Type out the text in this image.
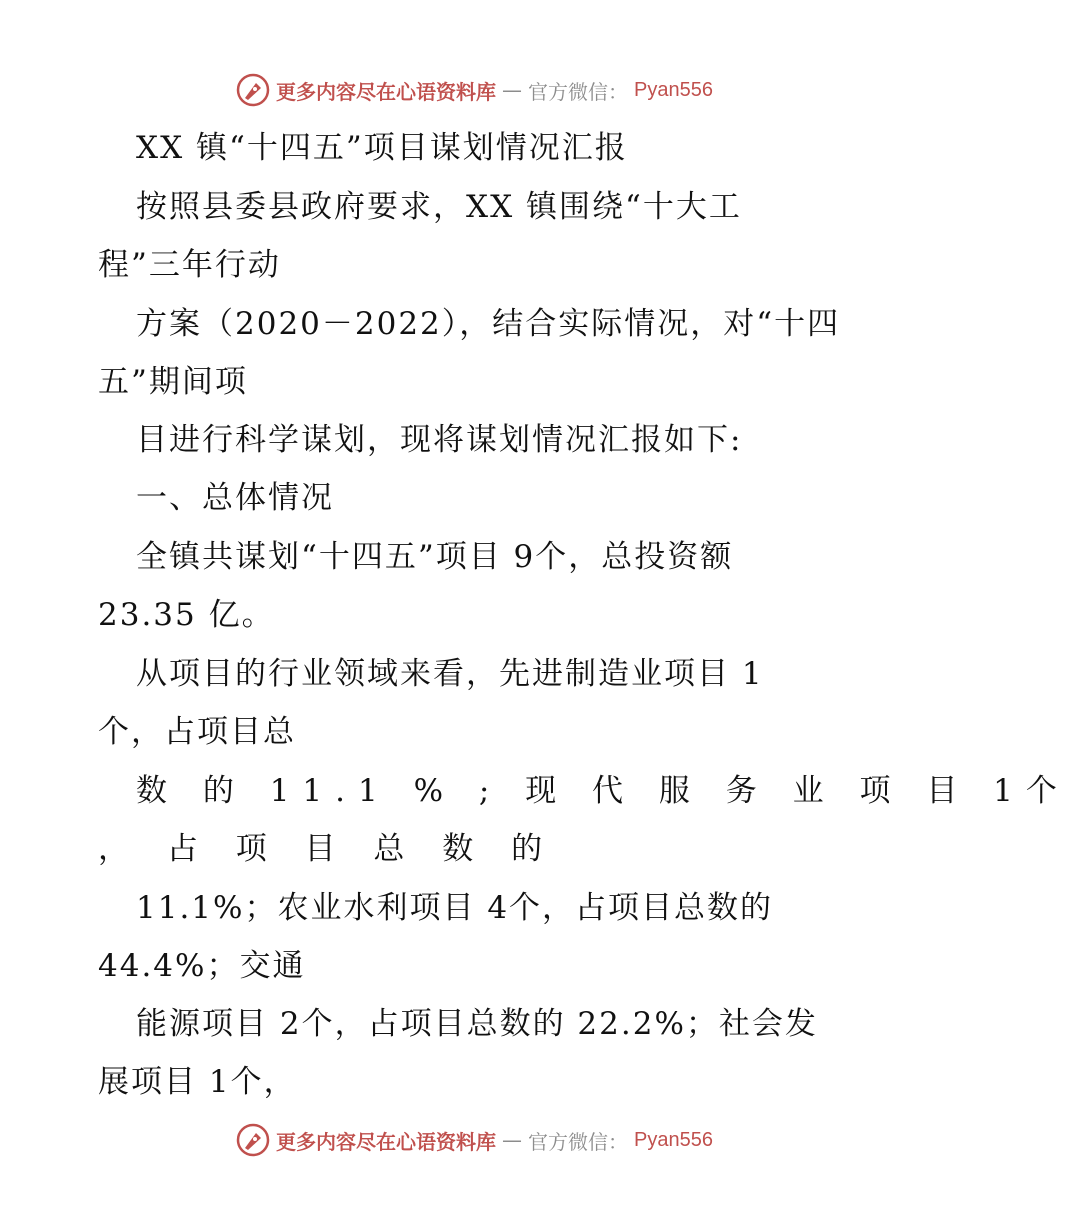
更多内容尽在心语资料库 — 官方微信： Pyan556
XX 镇“十四五”项目谋划情况汇报
按照县委县政府要求，XX 镇围绕“十大工
程”三年行动
方案（2020－2022），结合实际情况，对“十四
五”期间项
目进行科学谋划，现将谋划情况汇报如下:
一、总体情况
全镇共谋划“十四五”项目 9个，总投资额
23.35 亿。
从项目的行业领域来看，先进制造业项目 1
个，占项目总
数 的 11.1 % ; 现 代 服 务 业 项 目 1个
， 占 项 目 总 数 的
11.1%；农业水利项目 4个，占项目总数的
44.4%；交通
能源项目 2个，占项目总数的 22.2%；社会发
展项目 1个，
更多内容尽在心语资料库 — 官方微信： Pyan556
